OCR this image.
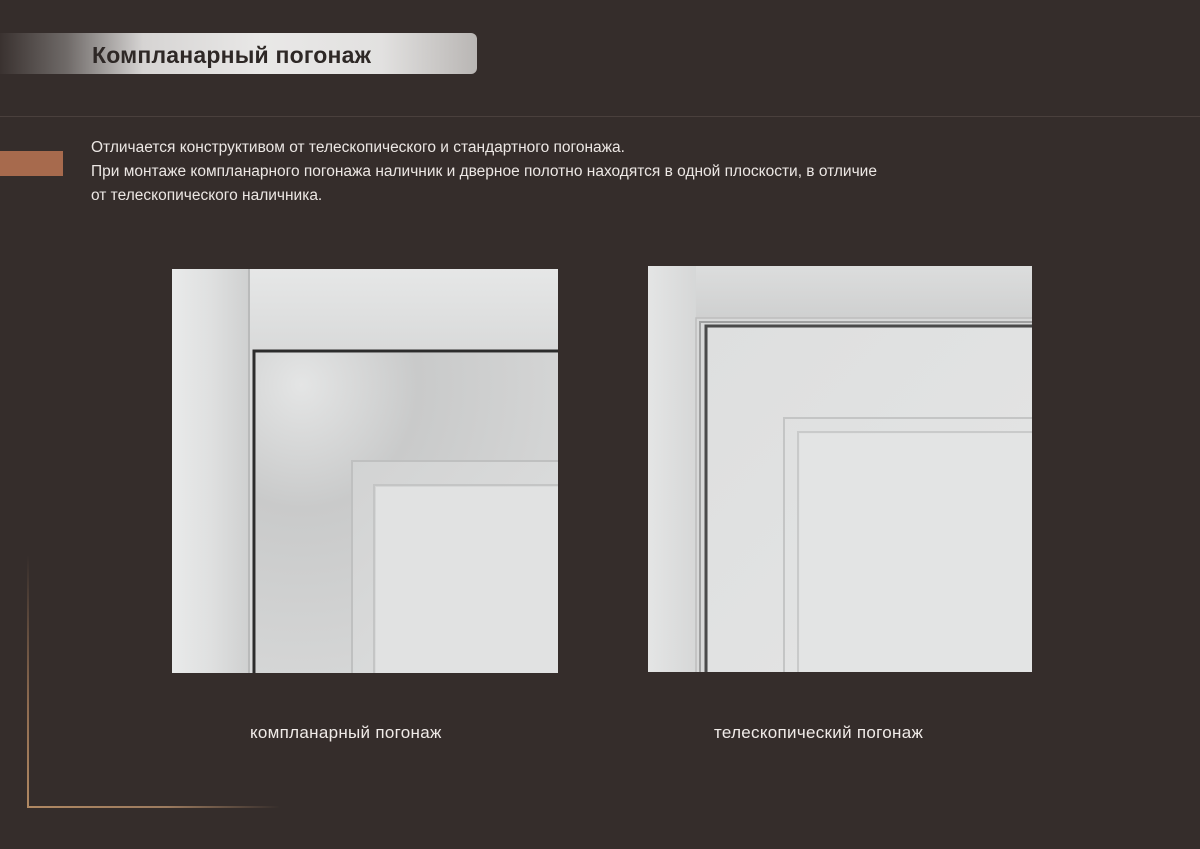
Компланарный погонаж
Отличается конструктивом от телескопического и стандартного погонажа.
При монтаже компланарного погонажа наличник и дверное полотно находятся в одной плоскости, в отличие
от телескопического наличника.
компланарный погонаж	телескопический погонаж
